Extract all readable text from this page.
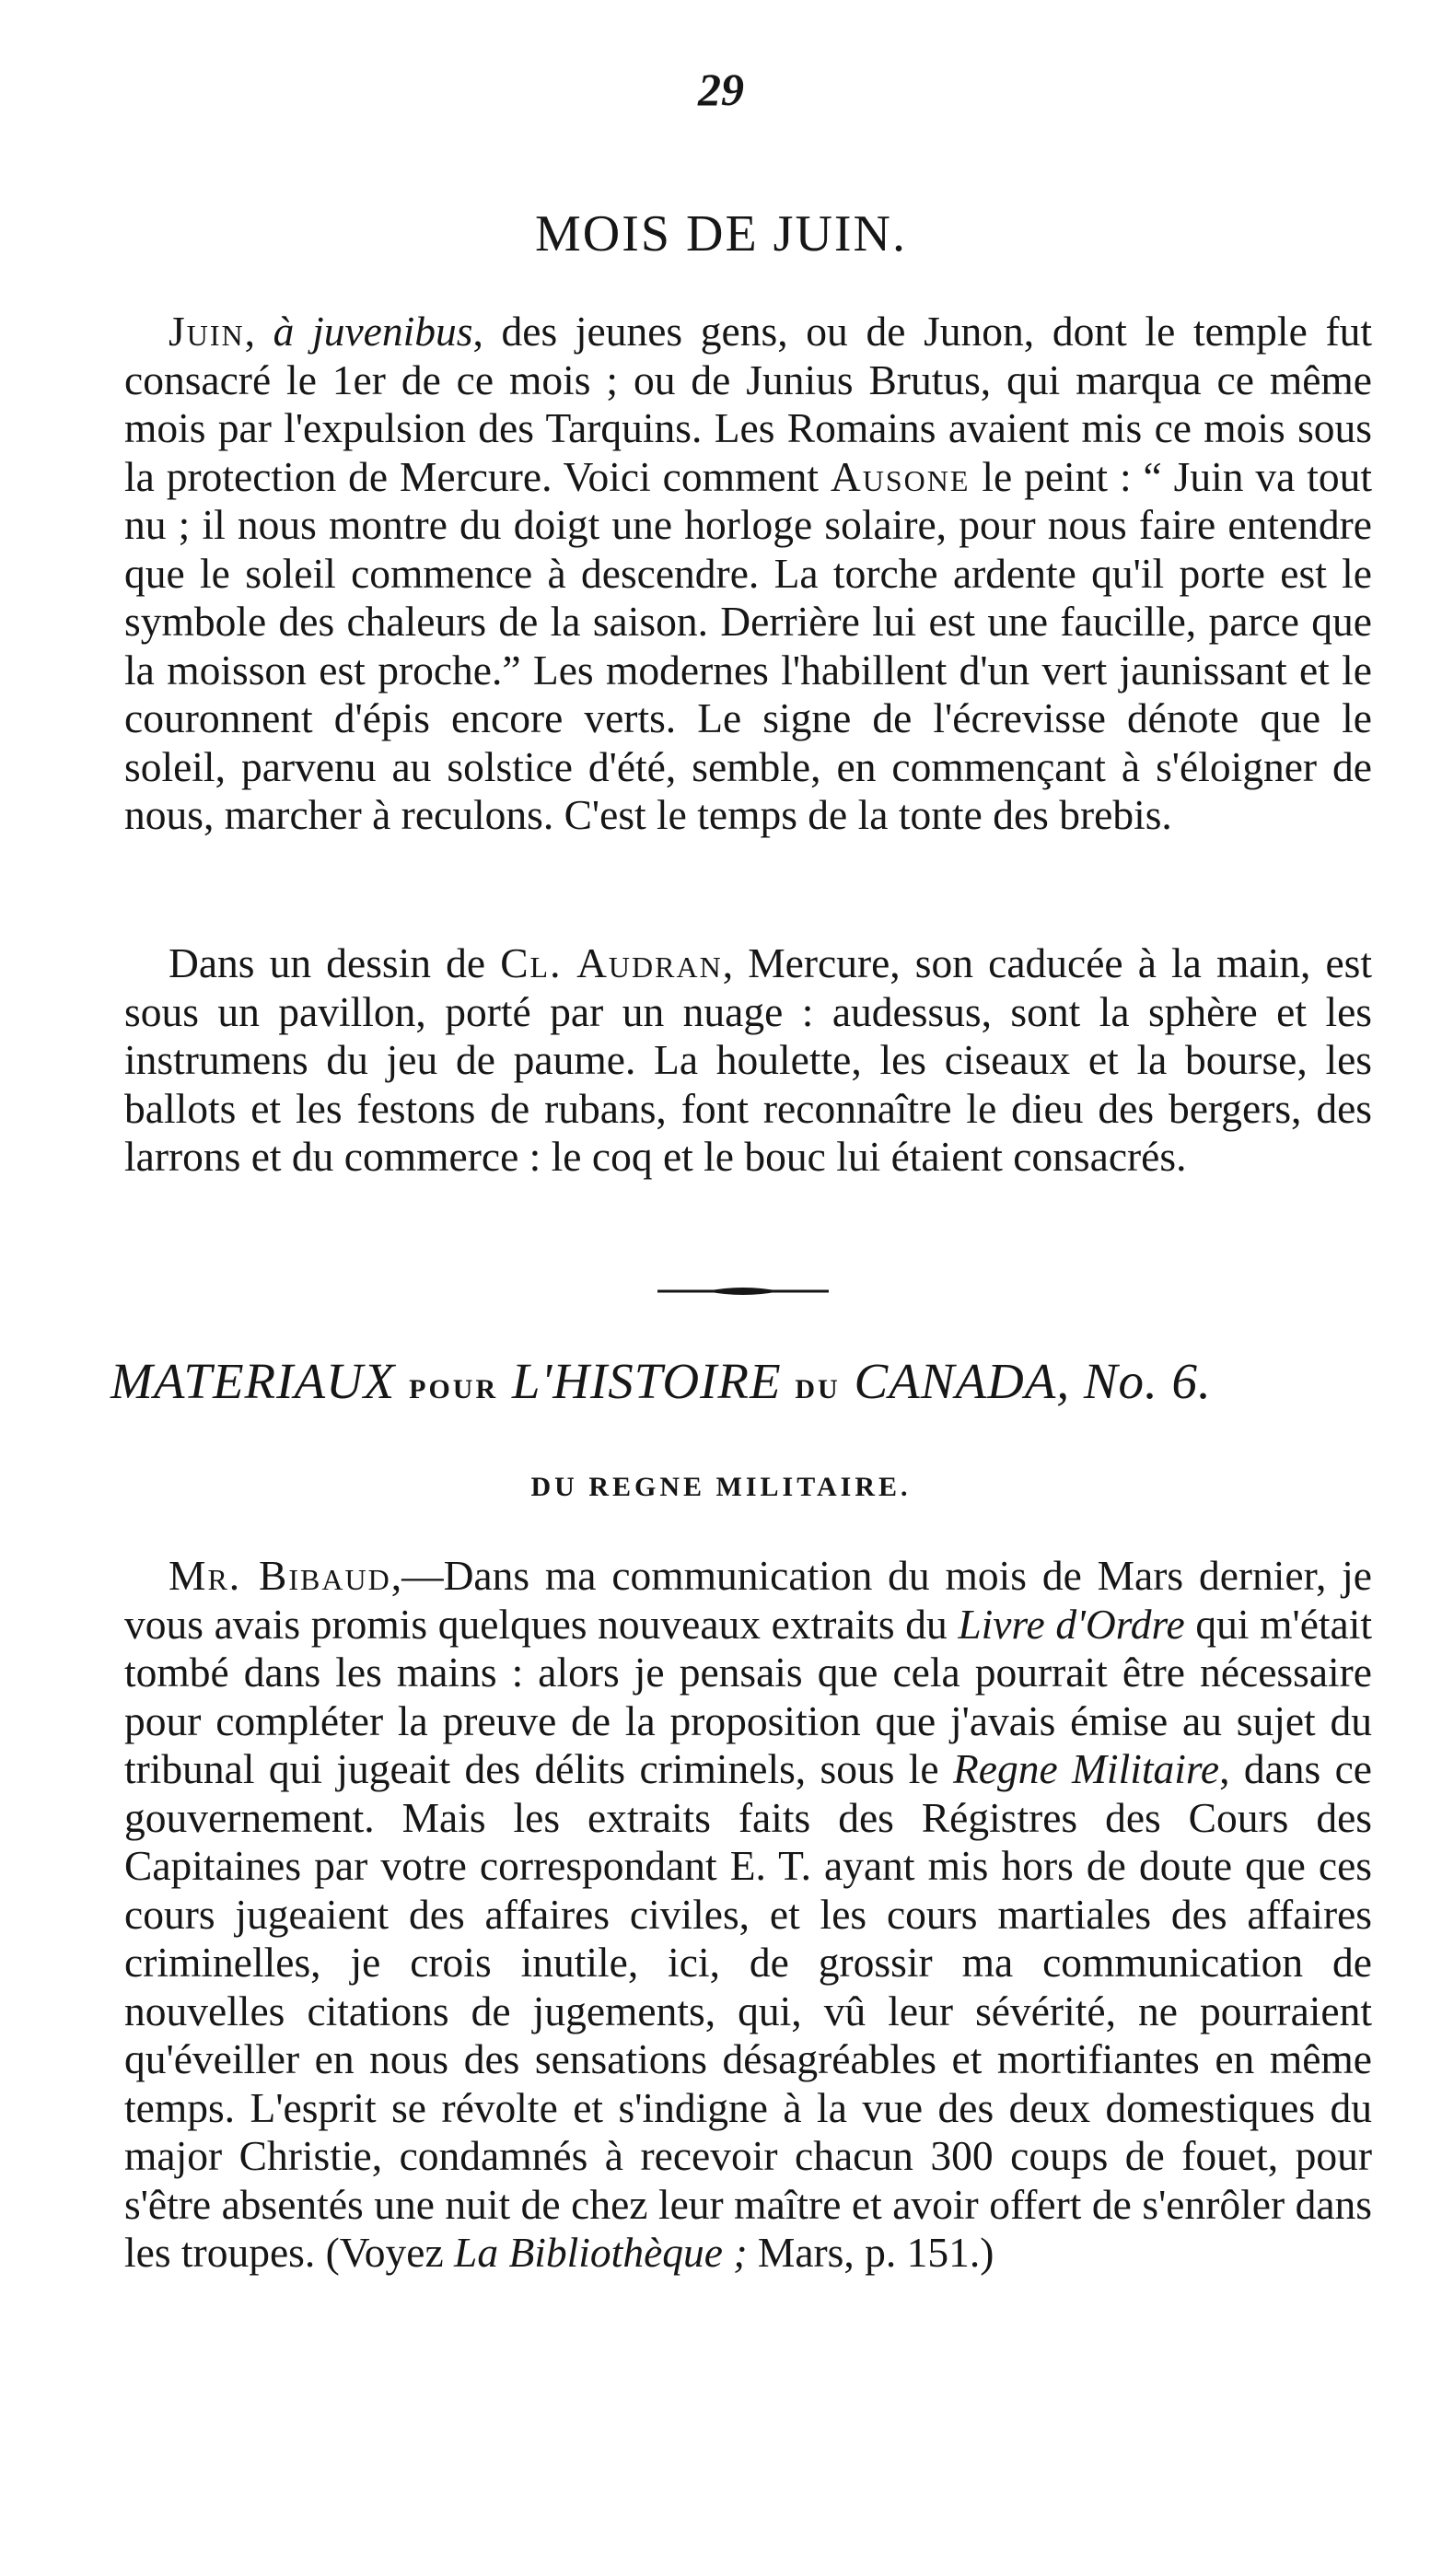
29
MOIS DE JUIN.

Juin, à juvenibus, des jeunes gens, ou de Junon, dont le temple fut consacré le 1er de ce mois ; ou de Junius Brutus, qui marqua ce même mois par l'expulsion des Tarquins. Les Romains avaient mis ce mois sous la protection de Mercure. Voici comment Ausone le peint : “ Juin va tout nu ; il nous montre du doigt une horloge solaire, pour nous faire entendre que le soleil commence à descendre. La torche ardente qu'il porte est le symbole des chaleurs de la saison. Derrière lui est une faucille, parce que la moisson est proche.” Les modernes l'habillent d'un vert jaunissant et le couronnent d'épis encore verts. Le signe de l'écrevisse dénote que le soleil, parvenu au solstice d'été, semble, en commençant à s'éloigner de nous, marcher à reculons. C'est le temps de la tonte des brebis.

Dans un dessin de Cl. Audran, Mercure, son caducée à la main, est sous un pavillon, porté par un nuage : audessus, sont la sphère et les instrumens du jeu de paume. La houlette, les ciseaux et la bourse, les ballots et les festons de rubans, font reconnaître le dieu des bergers, des larrons et du commerce : le coq et le bouc lui étaient consacrés.

MATERIAUX POUR L'HISTOIRE DU CANADA, No. 6.
DU REGNE MILITAIRE.

Mr. Bibaud,—Dans ma communication du mois de Mars dernier, je vous avais promis quelques nouveaux extraits du Livre d'Ordre qui m'était tombé dans les mains : alors je pensais que cela pourrait être nécessaire pour compléter la preuve de la proposition que j'avais émise au sujet du tribunal qui jugeait des délits criminels, sous le Regne Militaire, dans ce gouvernement. Mais les extraits faits des Régistres des Cours des Capitaines par votre correspondant E. T. ayant mis hors de doute que ces cours jugeaient des affaires civiles, et les cours martiales des affaires criminelles, je crois inutile, ici, de grossir ma communication de nouvelles citations de jugements, qui, vû leur sévérité, ne pourraient qu'éveiller en nous des sensations désagréables et mortifiantes en même temps. L'esprit se révolte et s'indigne à la vue des deux domestiques du major Christie, condamnés à recevoir chacun 300 coups de fouet, pour s'être absentés une nuit de chez leur maître et avoir offert de s'enrôler dans les troupes. (Voyez La Bibliothèque ; Mars, p. 151.)
